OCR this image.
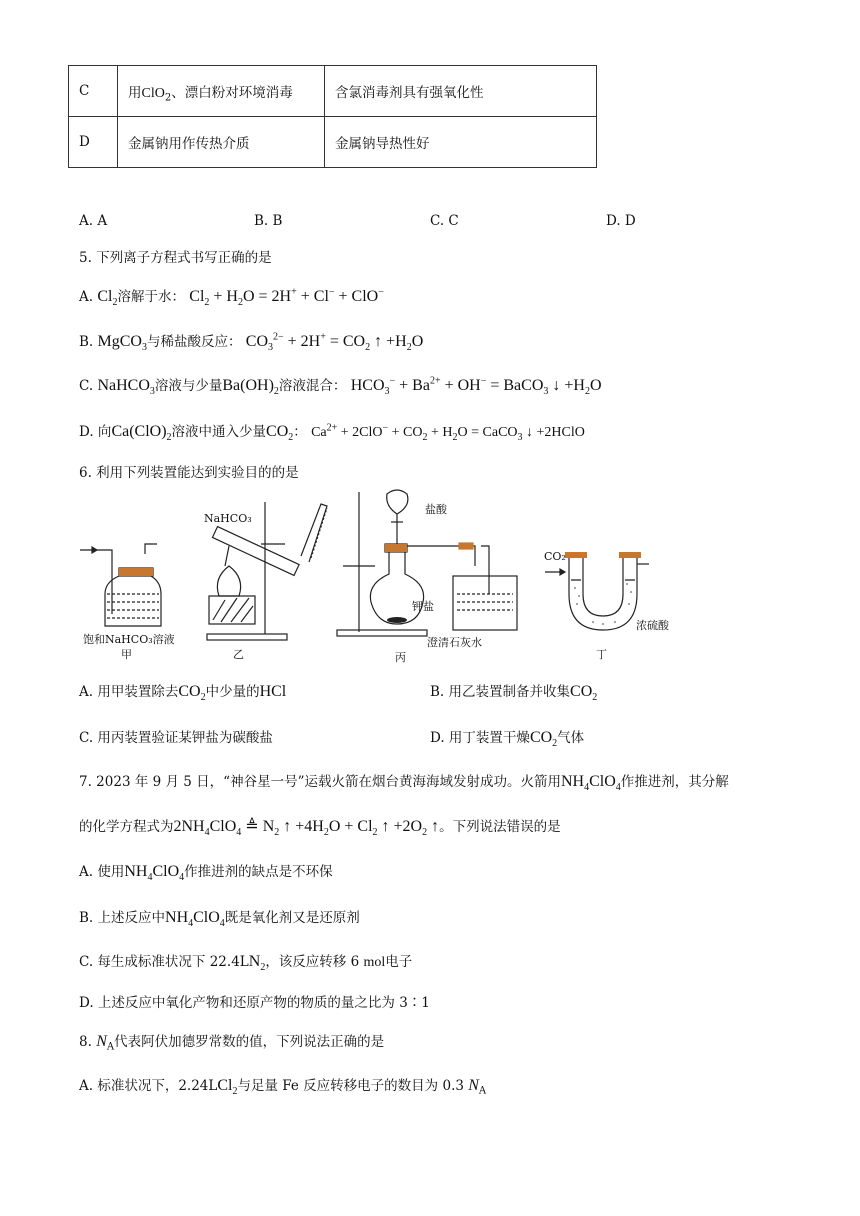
C	用ClO$_2$、漂白粉对环境消毒	含氯消毒剂具有强氧化性
D	金属钠用作传热介质	金属钠导热性好
A. A	B. B	C. C	D. D
5. 下列离子方程式书写正确的是
A. $Cl_2$溶解于水： $Cl_2 + H_2O = 2H^+ + Cl^- + ClO^-$
B. MgCO$_3$与稀盐酸反应： $CO_3^{2-} + 2H^+ = CO_2$ ↑ $+H_2O$
C. NaHCO$_3$溶液与少量$Ba(OH)_2$溶液混合： $HCO_3^- + Ba^{2+} + OH^-$ = BaCO$_3$ ↓ $+H_2O$
D. 向$Ca(ClO)_2$溶液中通入少量$CO_2$： $Ca^{2+} + 2ClO^- + CO_2 + H_2O$ = CaCO$_3$ ↓ +2HClO
6. 利用下列装置能达到实验目的的是
NaHCO₃
饱和NaHCO₃溶液
甲	乙
盐酸
钾盐
澄清石灰水
丙
CO₂
浓硫酸
丁
A. 用甲装置除去$CO_2$中少量的HCl	B. 用乙装置制备并收集$CO_2$
C. 用丙装置验证某钾盐为碳酸盐	D. 用丁装置干燥$CO_2$气体
7. 2023 年 9 月 5 日，“神谷星一号”运载火箭在烟台黄海海域发射成功。火箭用$NH_4ClO_4$作推进剂，其分解
的化学方程式为$2NH_4ClO_4$ ≜ $N_2$ ↑ $+4H_2O + Cl_2$ ↑ $+2O_2$ ↑。下列说法错误的是
A. 使用$NH_4ClO_4$作推进剂的缺点是不环保
B. 上述反应中$NH_4ClO_4$既是氧化剂又是还原剂
C. 每生成标准状况下 $22.4LN_2$，该反应转移 6 mol电子
D. 上述反应中氧化产物和还原产物的物质的量之比为 3∶1
8. $N_A$代表阿伏加德罗常数的值，下列说法正确的是
A. 标准状况下，2.24LCl$_2$与足量 Fe 反应转移电子的数目为 0.3 $N_A$
